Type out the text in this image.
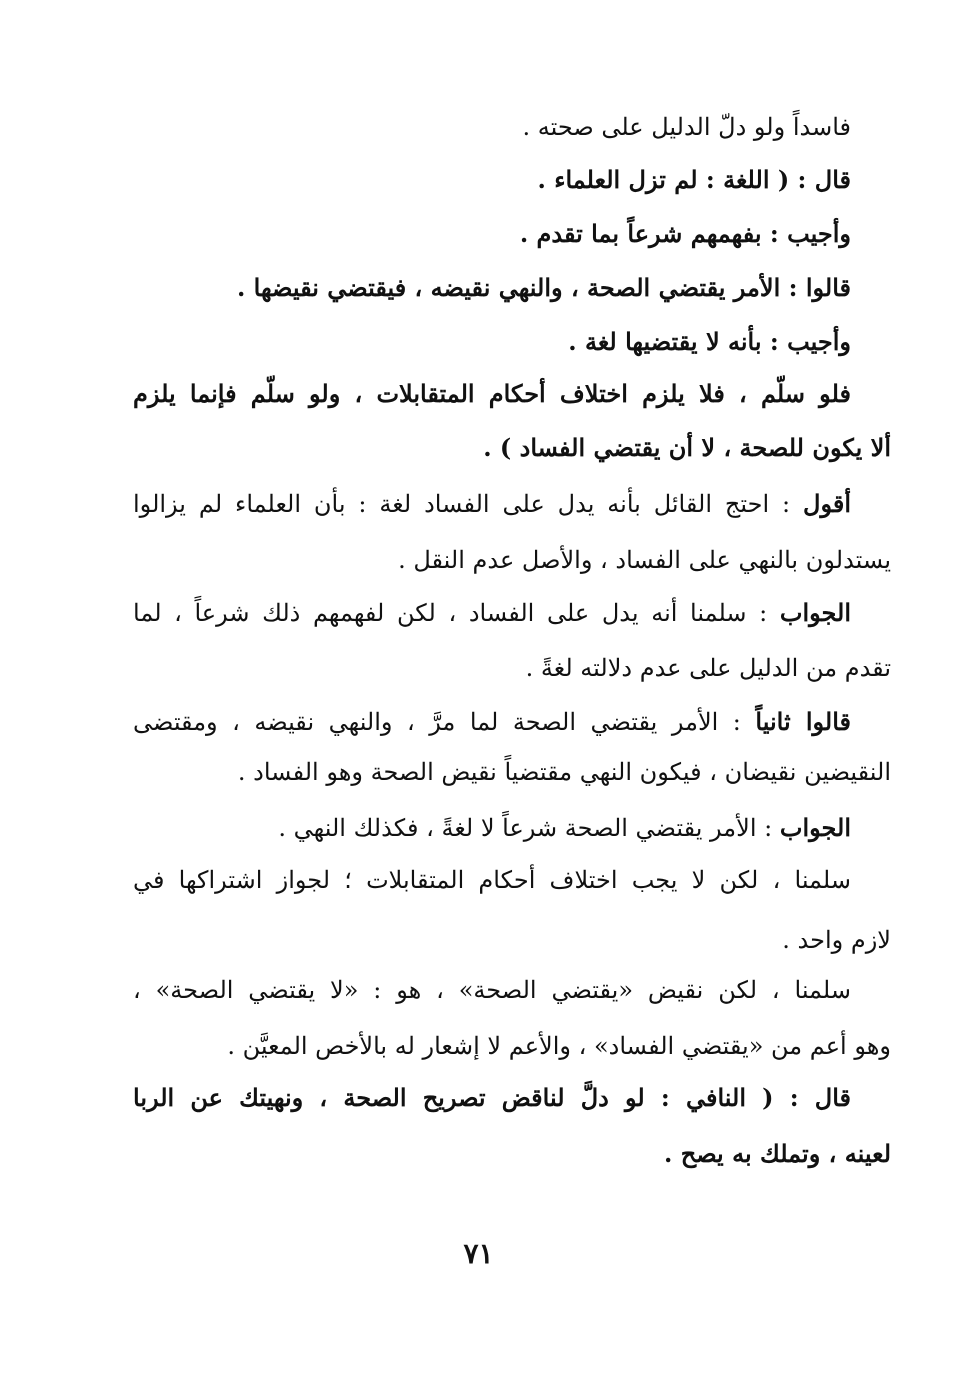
فاسداً ولو دلّ الدليل على صحته .
قال : ( اللغة : لم تزل العلماء .
وأجيب : بفهمهم شرعاً بما تقدم .
قالوا : الأمر يقتضي الصحة ، والنهي نقيضه ، فيقتضي نقيضها .
وأجيب : بأنه لا يقتضيها لغة .
فلو سلّم ، فلا يلزم اختلاف أحكام المتقابلات ، ولو سلّم فإنما يلزم
ألا يكون للصحة ، لا أن يقتضي الفساد ) .
أقول : احتج القائل بأنه يدل على الفساد لغة : بأن العلماء لم يزالوا
يستدلون بالنهي على الفساد ، والأصل عدم النقل .
الجواب : سلمنا أنه يدل على الفساد ، لكن لفهمهم ذلك شرعاً ، لما
تقدم من الدليل على عدم دلالته لغةً .
قالوا ثانياً : الأمر يقتضي الصحة لما مرَّ ، والنهي نقيضه ، ومقتضى
النقيضين نقيضان ، فيكون النهي مقتضياً نقيض الصحة وهو الفساد .
الجواب : الأمر يقتضي الصحة شرعاً لا لغةً ، فكذلك النهي .
سلمنا ، لكن لا يجب اختلاف أحكام المتقابلات ؛ لجواز اشتراكها في
لازم واحد .
سلمنا ، لكن نقيض «يقتضي الصحة» ، هو : «لا يقتضي الصحة» ،
وهو أعم من «يقتضي الفساد» ، والأعم لا إشعار له بالأخص المعيَّن .
قال : ( النافي : لو دلَّ لناقض تصريح الصحة ، ونهيتك عن الربا
لعينه ، وتملك به يصح .
٧١
